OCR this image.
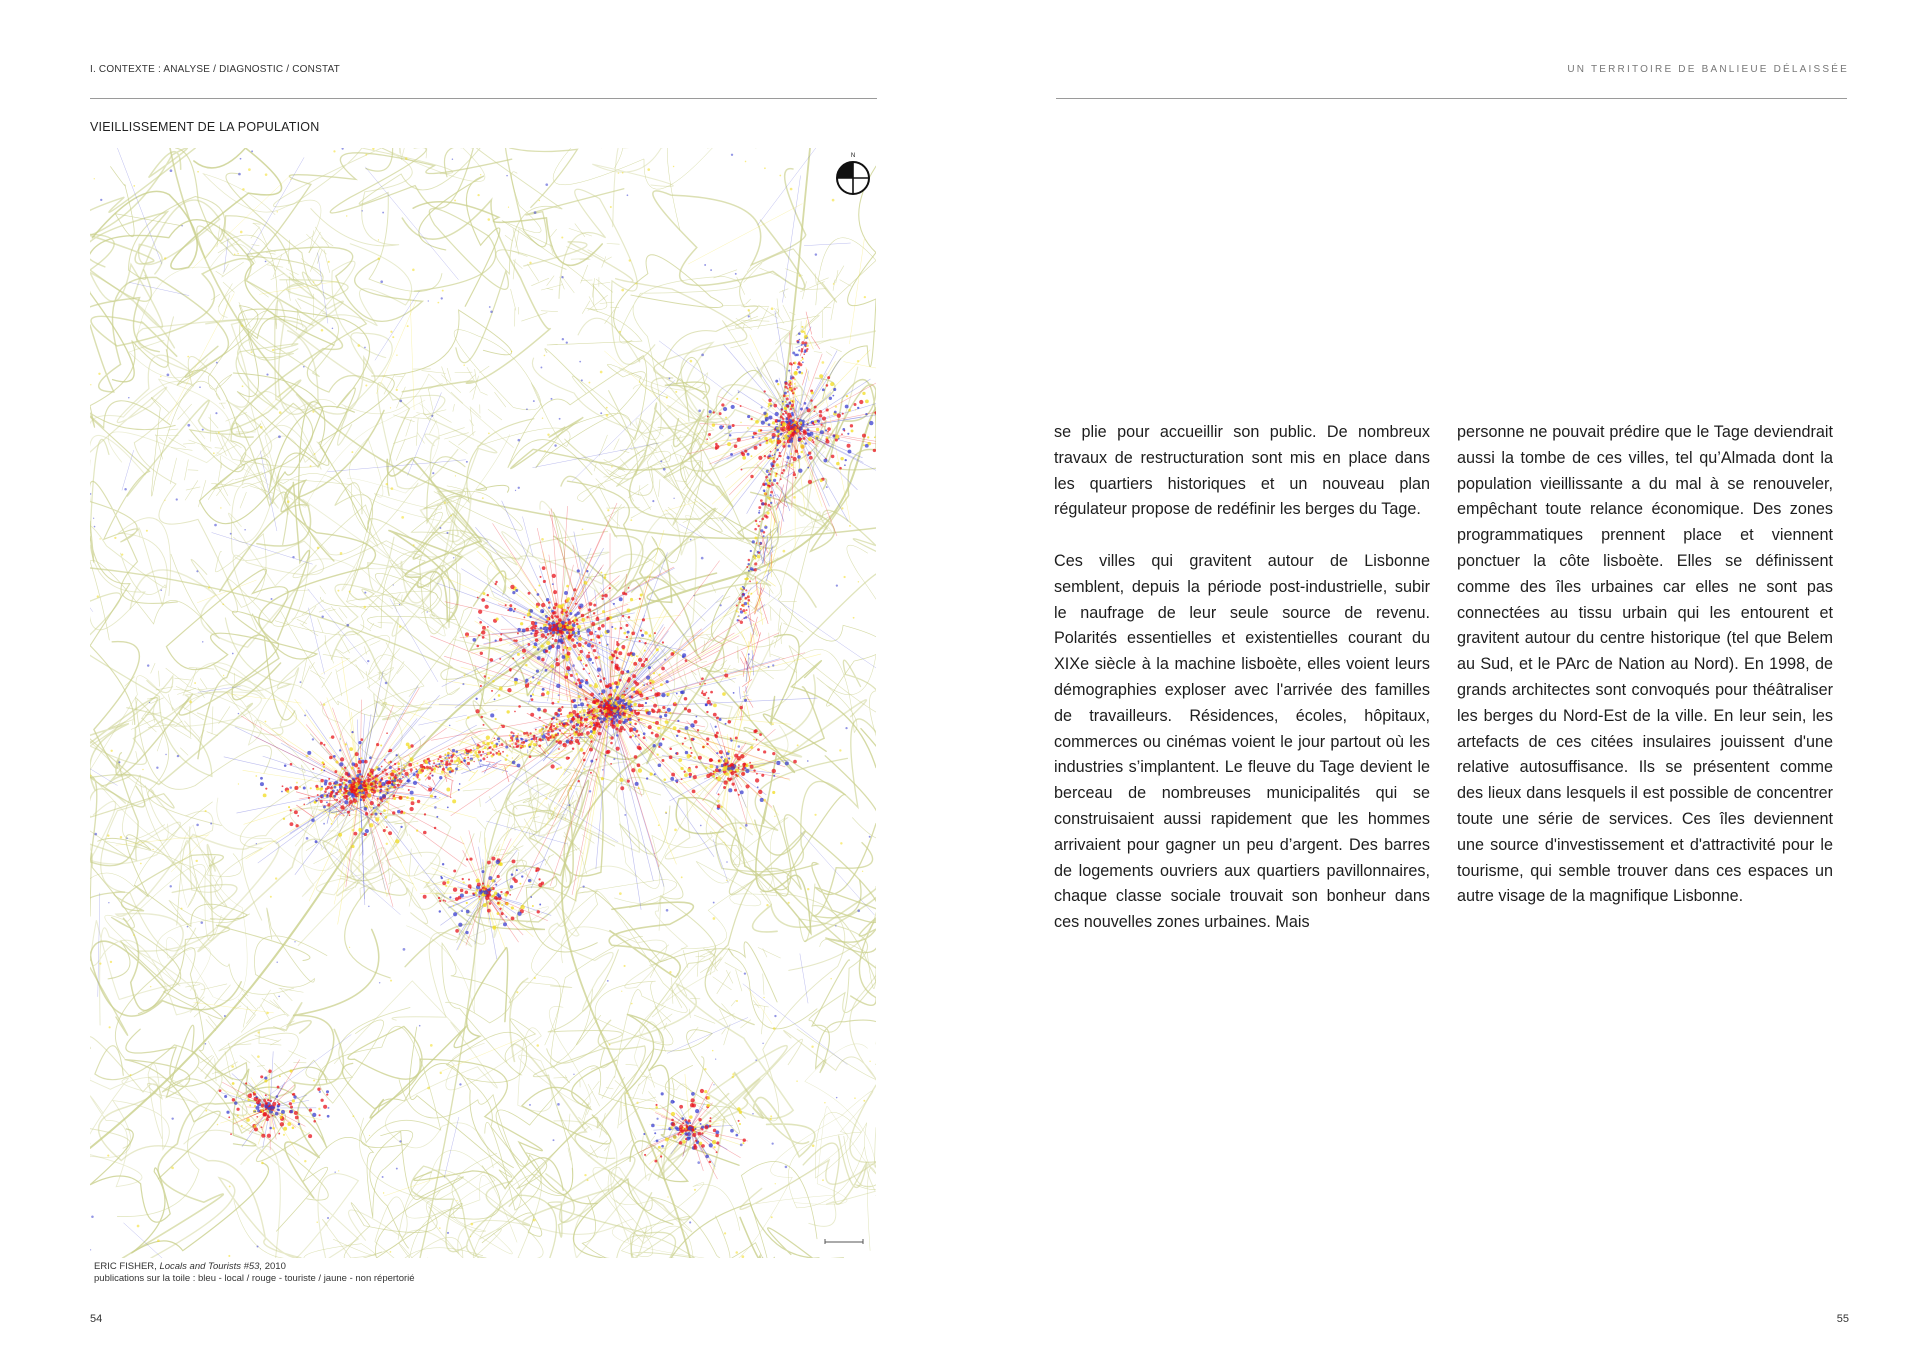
I. CONTEXTE : ANALYSE / DIAGNOSTIC / CONSTAT
VIEILLISSEMENT DE LA POPULATION
N
ERIC FISHER, Locals and Tourists #53, 2010
publications sur la toile : bleu - local / rouge - touriste / jaune - non répertorié
54
UN TERRITOIRE DE BANLIEUE DÉLAISSÉE

se plie pour accueillir son public. De nombreux travaux de restructuration sont mis en place dans les quartiers historiques et un nouveau plan régulateur propose de redéfinir les berges du Tage.

Ces villes qui gravitent autour de Lisbonne semblent, depuis la période post-industrielle, subir le naufrage de leur seule source de revenu. Polarités essentielles et existentielles courant du XIXe siècle à la machine lisboète, elles voient leurs démographies exploser avec l'arrivée des familles de travailleurs. Résidences, écoles, hôpitaux, commerces ou cinémas voient le jour partout où les industries s’implantent. Le fleuve du Tage devient le berceau de nombreuses municipalités qui se construisaient aussi rapidement que les hommes arrivaient pour gagner un peu d’argent. Des barres de logements ouvriers aux quartiers pavillonnaires, chaque classe sociale trouvait son bonheur dans ces nouvelles zones urbaines. Mais

personne ne pouvait prédire que le Tage deviendrait aussi la tombe de ces villes, tel qu’Almada dont la population vieillissante a du mal à se renouveler, empêchant toute relance économique. Des zones programmatiques prennent place et viennent ponctuer la côte lisboète. Elles se définissent comme des îles urbaines car elles ne sont pas connectées au tissu urbain qui les entourent et gravitent autour du centre historique (tel que Belem au Sud, et le PArc de Nation au Nord). En 1998, de grands architectes sont convoqués pour théâtraliser les berges du Nord-Est de la ville. En leur sein, les artefacts de ces citées insulaires jouissent d'une relative autosuffisance. Ils se présentent comme des lieux dans lesquels il est possible de concentrer toute une série de services. Ces îles deviennent une source d'investissement et d'attractivité pour le tourisme, qui semble trouver dans ces espaces un autre visage de la magnifique Lisbonne.

55
